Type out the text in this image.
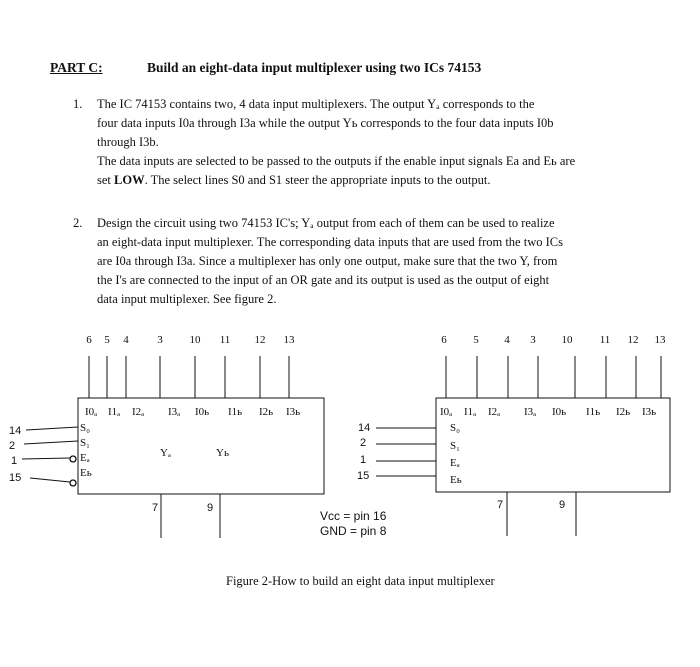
PART C:	Build an eight-data input multiplexer using two ICs 74153
1. The IC 74153 contains two, 4 data input multiplexers. The output Yₐ corresponds to the
four data inputs I0a through I3a while the output Yь corresponds to the four data inputs I0b
through I3b.
The data inputs are selected to be passed to the outputs if the enable input signals Ea and Eь are
set LOW. The select lines S0 and S1 steer the appropriate inputs to the output.
2. Design the circuit using two 74153 IC's; Yₐ output from each of them can be used to realize
an eight-data input multiplexer. The corresponding data inputs that are used from the two ICs
are I0a through I3a. Since a multiplexer has only one output, make sure that the two Y, from
the I's are connected to the input of an OR gate and its output is used as the output of eight
data input multiplexer. See figure 2.
6 5 4	3 10 11 12 13
I0ₐ I1ₐ I2ₐ I3ₐ I0ь I1ь I2ь I3ь
S₀
S₁
Eₐ
Eь
14
2
1
15
Yₐ	Yь
7	9
6 5 4 3 10 11 12 13
I0ₐ I1ₐ I2ₐ I3ₐ I0ь I1ь I2ь I3ь
S₀
S₁
Eₐ
Eь
14
2
1
15
7	9
Vcc = pin 16
GND = pin 8
Figure 2-How to build an eight data input multiplexer
